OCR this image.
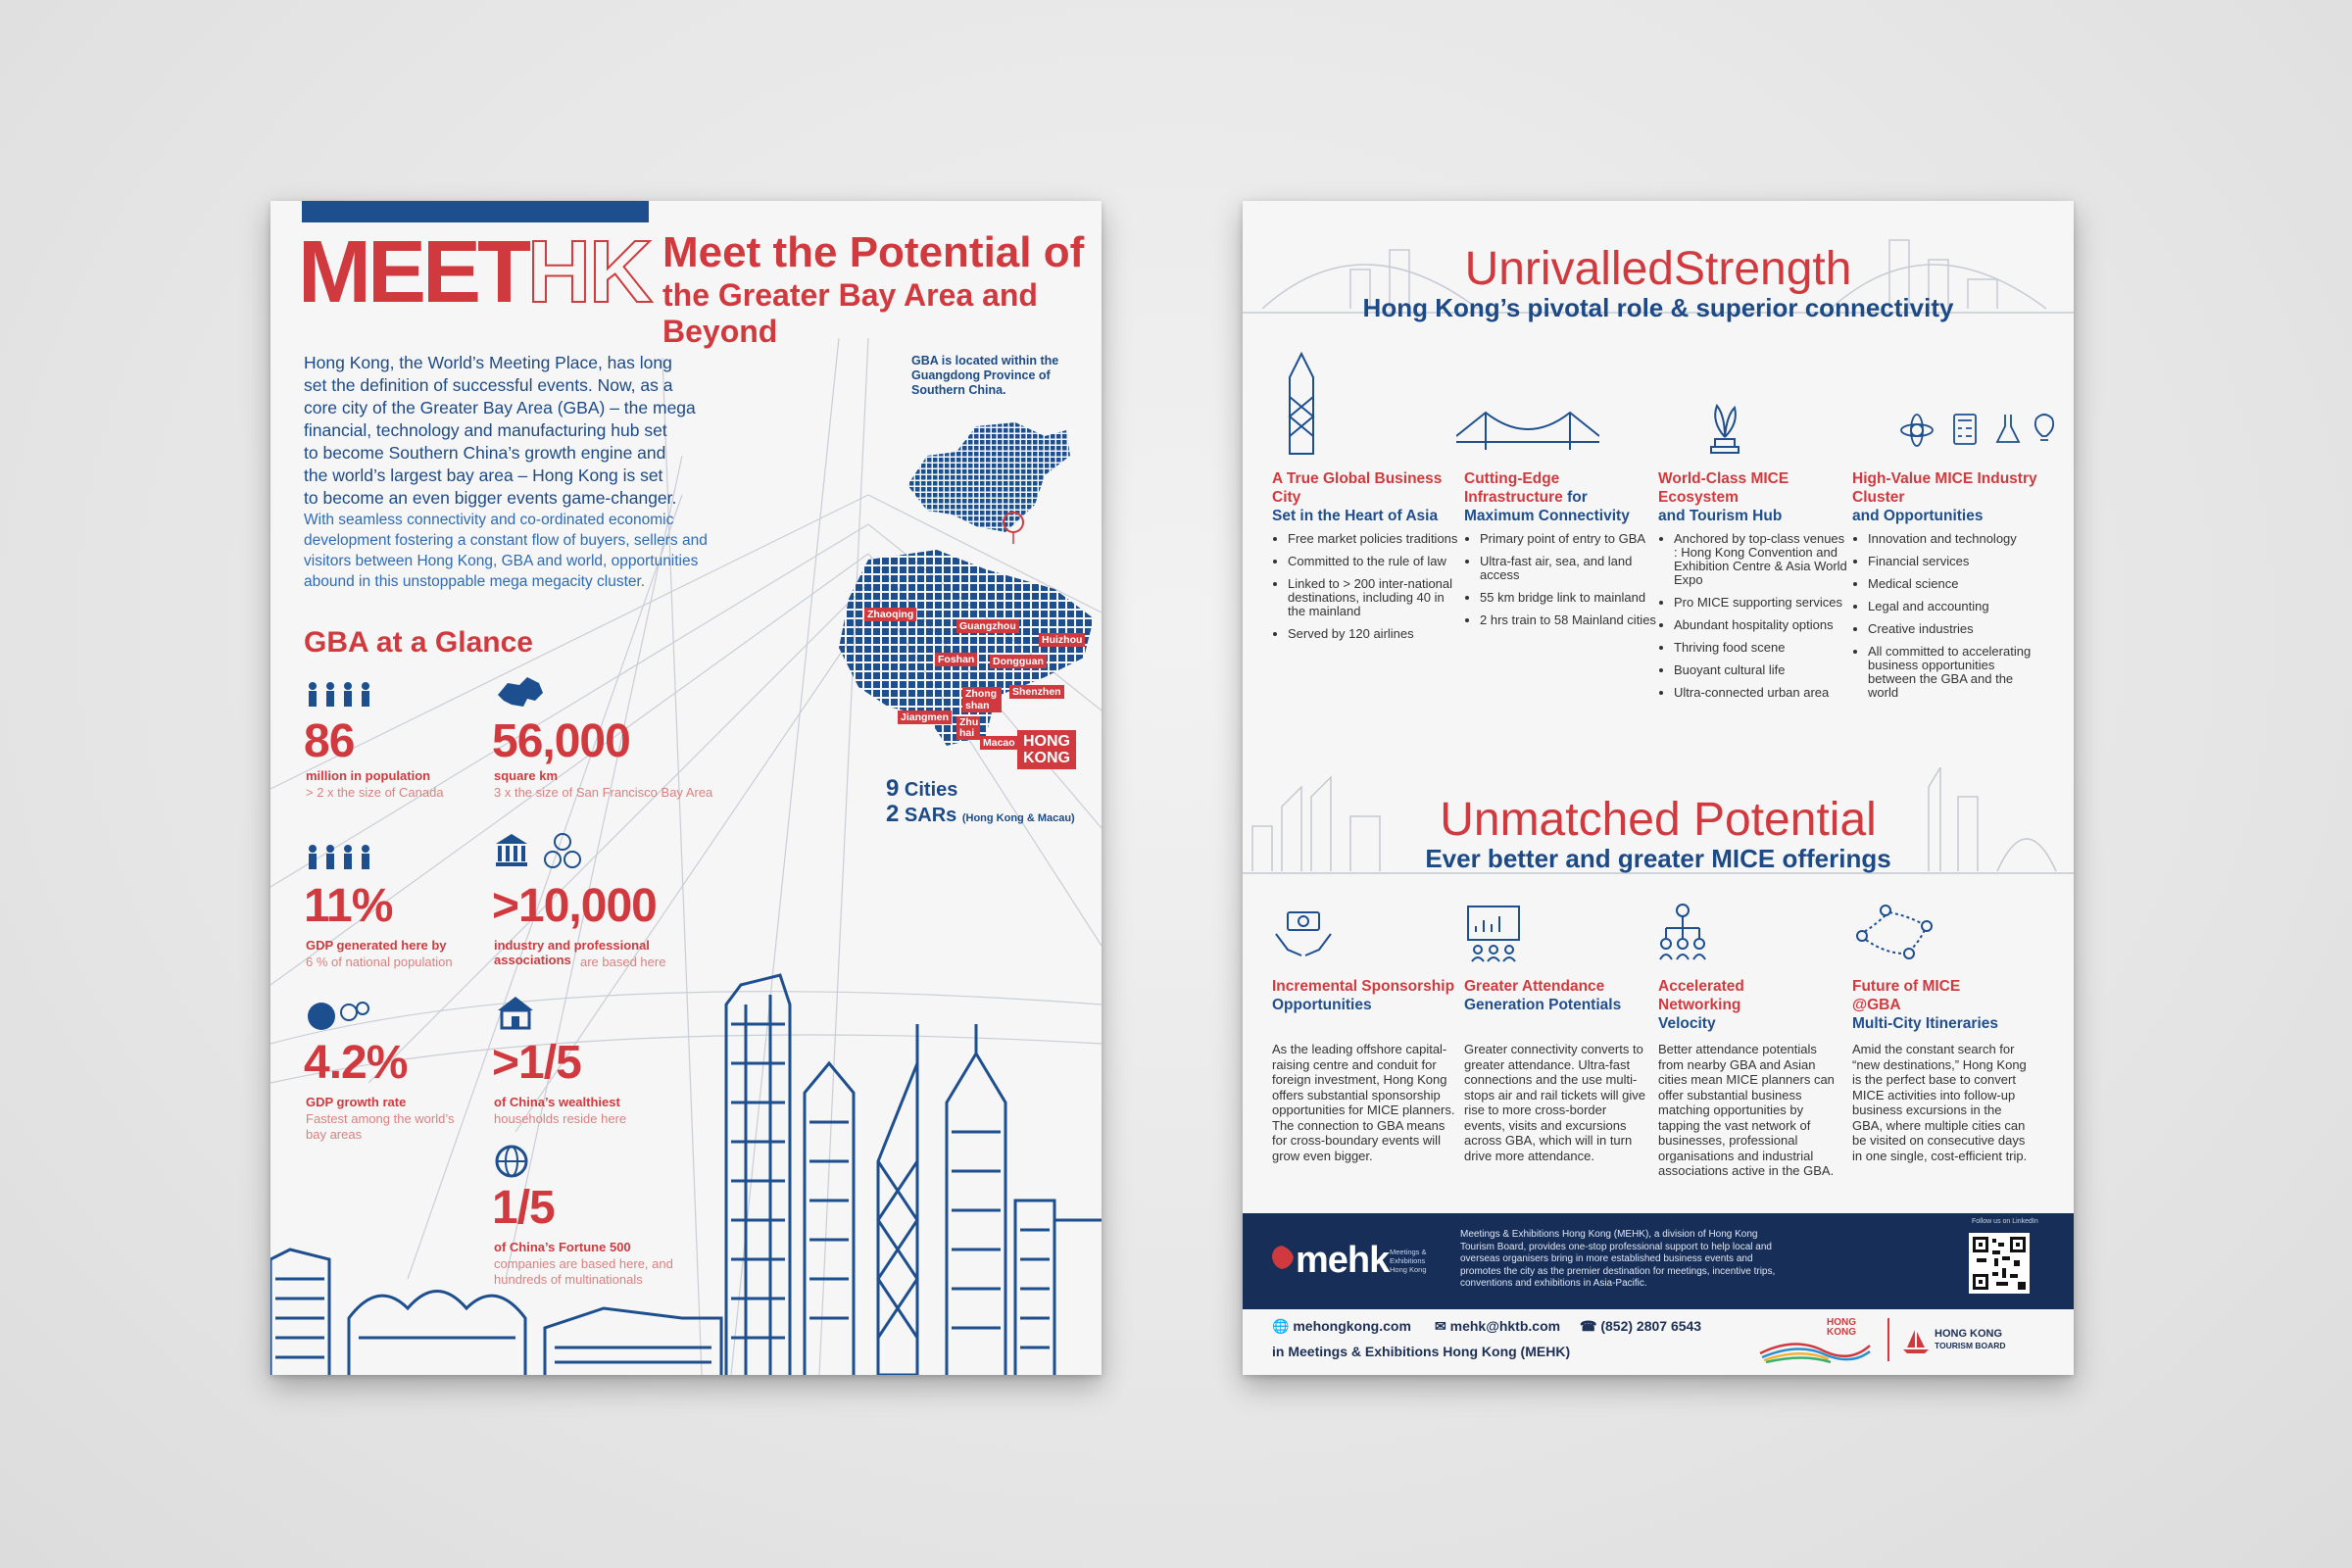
MEETHK Meet the Potential of
the Greater Bay Area and Beyond
Hong Kong, the World’s Meeting Place, has long
set the definition of successful events. Now, as a
core city of the Greater Bay Area (GBA) – the mega
financial, technology and manufacturing hub set
to become Southern China’s growth engine and
the world’s largest bay area – Hong Kong is set
to become an even bigger events game-changer.
With seamless connectivity and co-ordinated economic
development fostering a constant flow of buyers, sellers and
visitors between Hong Kong, GBA and world, opportunities
abound in this unstoppable mega megacity cluster.
GBA at a Glance
86
million in population
> 2 x the size of Canada
56,000
square km
3 x the size of San Francisco Bay Area
11%
GDP generated here by
6 % of national population
>10,000
industry and professional associations are based here
4.2%
GDP growth rate
Fastest among the world’s bay areas
>1/5
of China’s wealthiest
households reside here
1/5
of China’s Fortune 500
companies are based here, and hundreds of multinationals
GBA is located within the Guangdong Province of Southern China.
Zhaoqing
Guangzhou
Huizhou
Foshan Dongguan
Shenzhen
Zhong shan
Jiangmen Zhu hai
Macao HONG
KONG
9 Cities
2 SARs (Hong Kong & Macau)
UnrivalledStrength
Hong Kong’s pivotal role & superior connectivity
A True Global Business City
Set in the Heart of Asia
• Free market policies traditions
• Committed to the rule of law
• Linked to > 200 inter-national destinations, including 40 in the mainland
• Served by 120 airlines
Cutting-Edge Infrastructure for Maximum Connectivity
• Primary point of entry to GBA
• Ultra-fast air, sea, and land access
• 55 km bridge link to mainland
• 2 hrs train to 58 Mainland cities
World-Class MICE Ecosystem
and Tourism Hub
• Anchored by top-class venues : Hong Kong Convention and Exhibition Centre & Asia World Expo
• Pro MICE supporting services
• Abundant hospitality options
• Thriving food scene
• Buoyant cultural life
• Ultra-connected urban area
High-Value MICE Industry Cluster
and Opportunities
• Innovation and technology
• Financial services
• Medical science
• Legal and accounting
• Creative industries
• All committed to accelerating business opportunities between the GBA and the world
Unmatched Potential
Ever better and greater MICE offerings
Incremental Sponsorship
Opportunities
As the leading offshore capital-raising centre and conduit for foreign investment, Hong Kong offers substantial sponsorship opportunities for MICE planners. The connection to GBA means for cross-boundary events will grow even bigger.
Greater Attendance
Generation Potentials
Greater connectivity converts to greater attendance. Ultra-fast connections and the use multi-stops air and rail tickets will give rise to more cross-border events, visits and excursions across GBA, which will in turn drive more attendance.
Accelerated Networking
Velocity
Better attendance potentials from nearby GBA and Asian cities mean MICE planners can offer substantial business matching opportunities by tapping the vast network of businesses, professional organisations and industrial associations active in the GBA.
Future of MICE @GBA
Multi-City Itineraries
Amid the constant search for “new destinations,” Hong Kong is the perfect base to convert MICE activities into follow-up business excursions in the GBA, where multiple cities can be visited on consecutive days in one single, cost-efficient trip.
mehk Meetings & Exhibitions Hong Kong
Meetings & Exhibitions Hong Kong (MEHK), a division of Hong Kong Tourism Board, provides one-stop professional support to help local and overseas organisers bring in more established business events and promotes the city as the premier destination for meetings, incentive trips, conventions and exhibitions in Asia-Pacific.
Follow us on LinkedIn
🌐 mehongkong.com ✉ mehk@hktb.com ☎ (852) 2807 6543
in Meetings & Exhibitions Hong Kong (MEHK)
HONG KONG	HONG KONG
TOURISM BOARD
